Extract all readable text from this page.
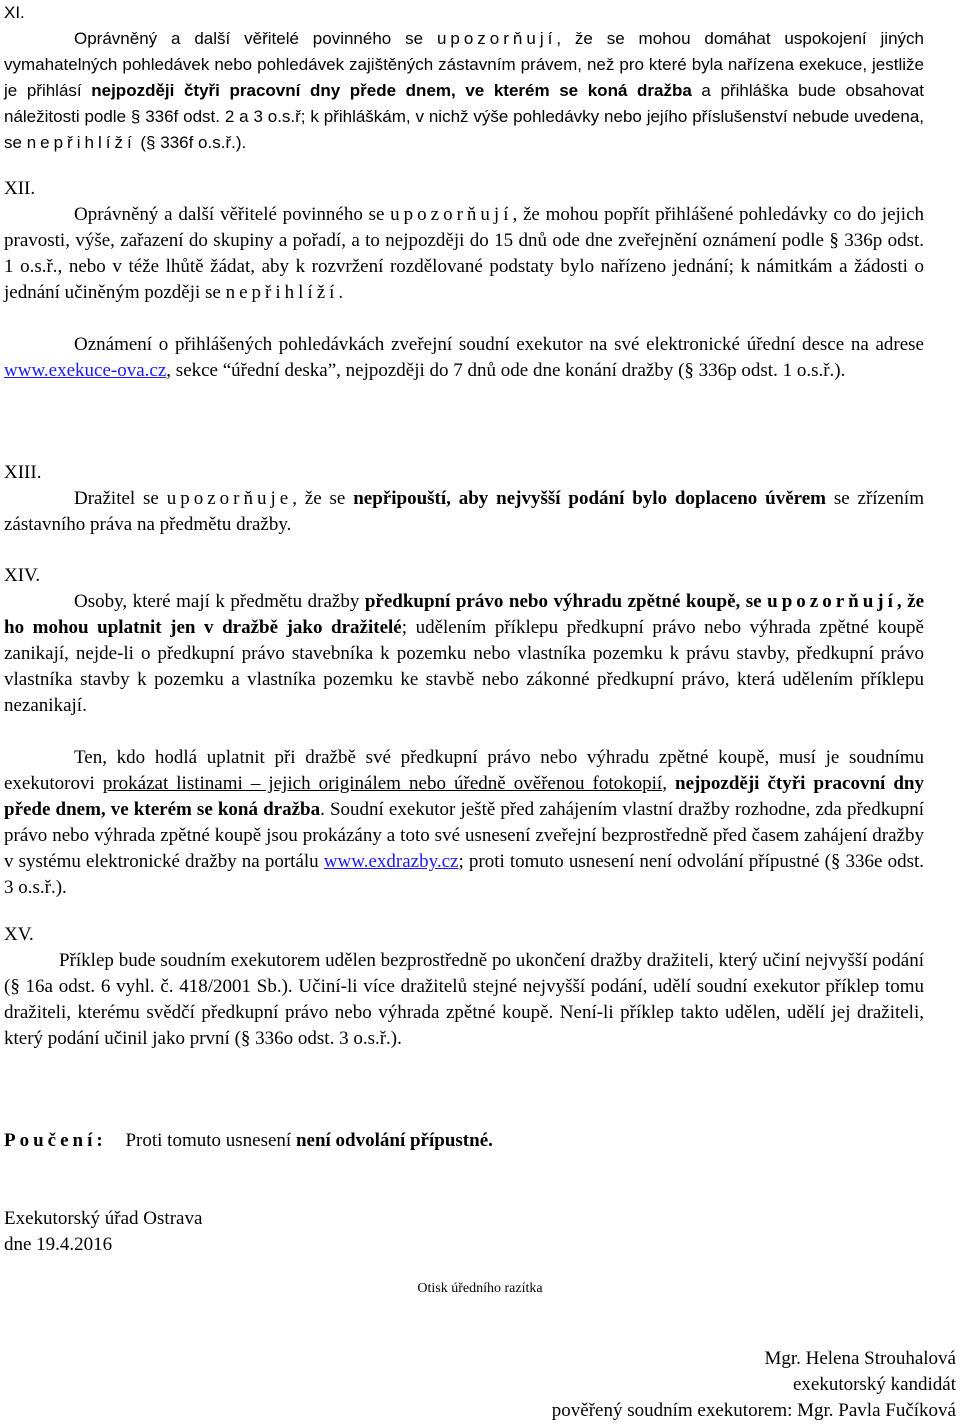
XI.

Oprávněný a další věřitelé povinného se upozorňují, že se mohou domáhat uspokojení jiných vymahatelných pohledávek nebo pohledávek zajištěných zástavním právem, než pro které byla nařízena exekuce, jestliže je přihlásí nejpozději čtyři pracovní dny přede dnem, ve kterém se koná dražba a přihláška bude obsahovat náležitosti podle § 336f odst. 2 a 3 o.s.ř; k přihláškám, v nichž výše pohledávky nebo jejího příslušenství nebude uvedena, se nepřihlíží (§ 336f o.s.ř.).

XII.

Oprávněný a další věřitelé povinného se upozorňují, že mohou popřít přihlášené pohledávky co do jejich pravosti, výše, zařazení do skupiny a pořadí, a to nejpozději do 15 dnů ode dne zveřejnění oznámení podle § 336p odst. 1 o.s.ř., nebo v téže lhůtě žádat, aby k rozvržení rozdělované podstaty bylo nařízeno jednání; k námitkám a žádosti o jednání učiněným později se nepřihlíží.

Oznámení o přihlášených pohledávkách zveřejní soudní exekutor na své elektronické úřední desce na adrese www.exekuce-ova.cz, sekce “úřední deska”, nejpozději do 7 dnů ode dne konání dražby (§ 336p odst. 1 o.s.ř.).

XIII.

Dražitel se upozorňuje, že se nepřipouští, aby nejvyšší podání bylo doplaceno úvěrem se zřízením zástavního práva na předmětu dražby.

XIV.

Osoby, které mají k předmětu dražby předkupní právo nebo výhradu zpětné koupě, se upozorňují, že ho mohou uplatnit jen v dražbě jako dražitelé; udělením příklepu předkupní právo nebo výhrada zpětné koupě zanikají, nejde-li o předkupní právo stavebníka k pozemku nebo vlastníka pozemku k právu stavby, předkupní právo vlastníka stavby k pozemku a vlastníka pozemku ke stavbě nebo zákonné předkupní právo, která udělením příklepu nezanikají.

Ten, kdo hodlá uplatnit při dražbě své předkupní právo nebo výhradu zpětné koupě, musí je soudnímu exekutorovi prokázat listinami – jejich originálem nebo úředně ověřenou fotokopií, nejpozději čtyři pracovní dny přede dnem, ve kterém se koná dražba. Soudní exekutor ještě před zahájením vlastní dražby rozhodne, zda předkupní právo nebo výhrada zpětné koupě jsou prokázány a toto své usnesení zveřejní bezprostředně před časem zahájení dražby v systému elektronické dražby na portálu www.exdrazby.cz; proti tomuto usnesení není odvolání přípustné (§ 336e odst. 3 o.s.ř.).

XV.

Příklep bude soudním exekutorem udělen bezprostředně po ukončení dražby dražiteli, který učiní nejvyšší podání (§ 16a odst. 6 vyhl. č. 418/2001 Sb.). Učiní-li více dražitelů stejné nejvyšší podání, udělí soudní exekutor příklep tomu dražiteli, kterému svědčí předkupní právo nebo výhrada zpětné koupě. Není-li příklep takto udělen, udělí jej dražiteli, který podání učinil jako první (§ 336o odst. 3 o.s.ř.).

Poučení: Proti tomuto usnesení není odvolání přípustné.
Exekutorský úřad Ostrava
dne 19.4.2016
Otisk úředního razítka
Mgr. Helena Strouhalová
exekutorský kandidát
pověřený soudním exekutorem: Mgr. Pavla Fučíková
